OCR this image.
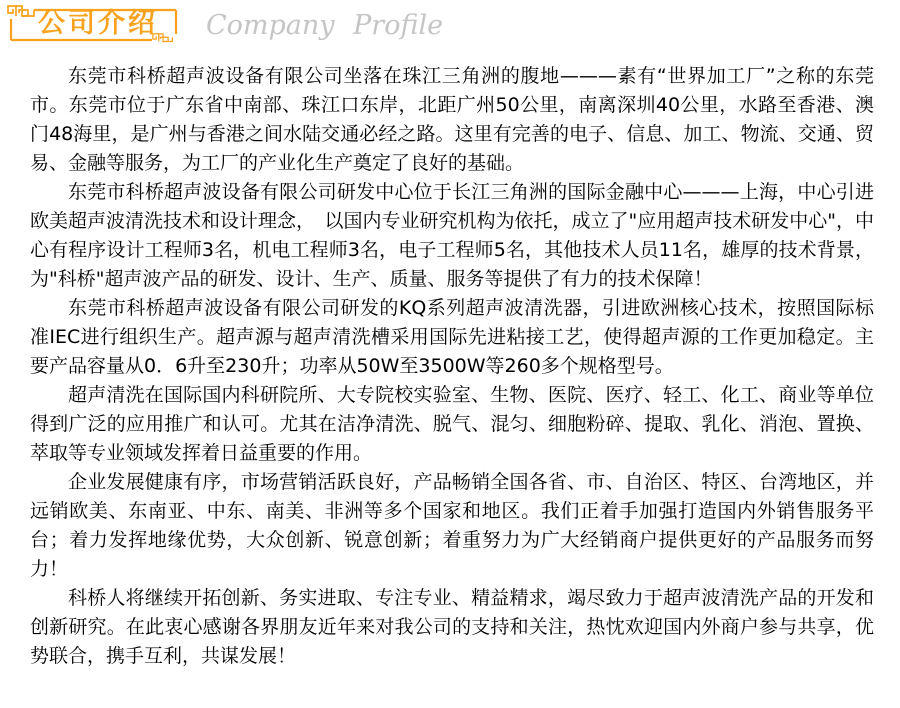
公司介绍 Company Profile

东莞市科桥超声波设备有限公司坐落在珠江三角洲的腹地———素有“世界加工厂”之称的东莞市。东莞市位于广东省中南部、珠江口东岸，北距广州50公里，南离深圳40公里，水路至香港、澳门48海里，是广州与香港之间水陆交通必经之路。这里有完善的电子、信息、加工、物流、交通、贸易、金融等服务，为工厂的产业化生产奠定了良好的基础。

东莞市科桥超声波设备有限公司研发中心位于长江三角洲的国际金融中心———上海，中心引进欧美超声波清洗技术和设计理念，　以国内专业研究机构为依托，成立了"应用超声技术研发中心"，中心有程序设计工程师3名，机电工程师3名，电子工程师5名，其他技术人员11名，雄厚的技术背景，为"科桥"超声波产品的研发、设计、生产、质量、服务等提供了有力的技术保障！

东莞市科桥超声波设备有限公司研发的KQ系列超声波清洗器，引进欧洲核心技术，按照国际标准IEC进行组织生产。超声源与超声清洗槽采用国际先进粘接工艺，使得超声源的工作更加稳定。主要产品容量从0．6升至230升；功率从50W至3500W等260多个规格型号。

超声清洗在国际国内科研院所、大专院校实验室、生物、医院、医疗、轻工、化工、商业等单位得到广泛的应用推广和认可。尤其在洁净清洗、脱气、混匀、细胞粉碎、提取、乳化、消泡、置换、萃取等专业领域发挥着日益重要的作用。

企业发展健康有序，市场营销活跃良好，产品畅销全国各省、市、自治区、特区、台湾地区，并远销欧美、东南亚、中东、南美、非洲等多个国家和地区。我们正着手加强打造国内外销售服务平台；着力发挥地缘优势，大众创新、锐意创新；着重努力为广大经销商户提供更好的产品服务而努力！

科桥人将继续开拓创新、务实进取、专注专业、精益精求，竭尽致力于超声波清洗产品的开发和创新研究。在此衷心感谢各界朋友近年来对我公司的支持和关注，热忱欢迎国内外商户参与共享，优势联合，携手互利，共谋发展！
